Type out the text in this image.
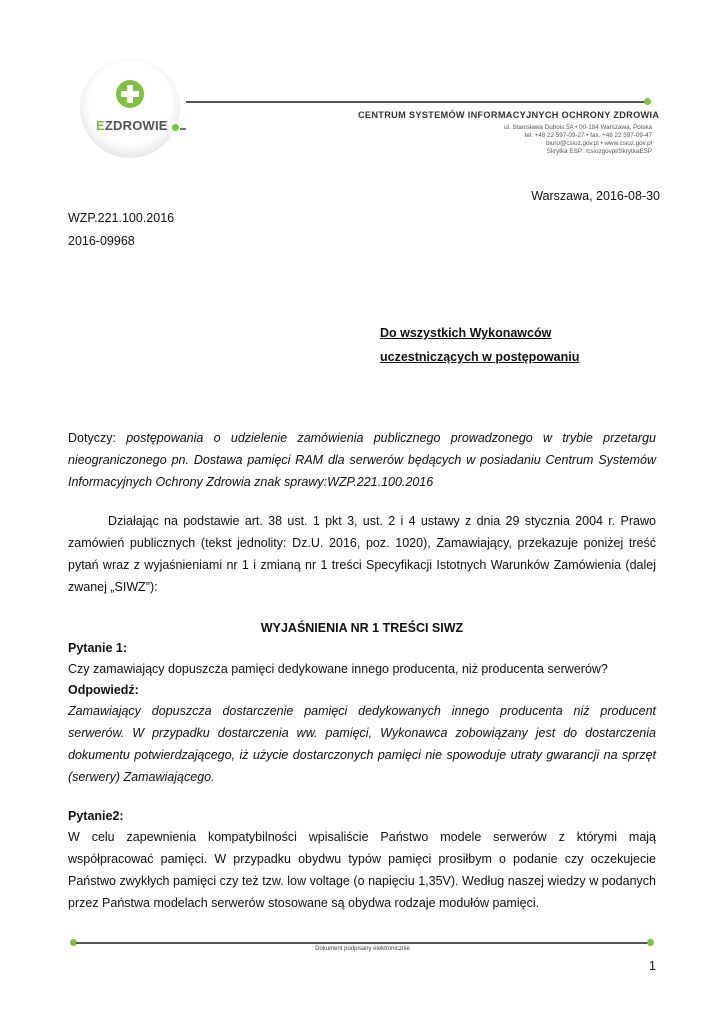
EZDROWIE
CENTRUM SYSTEMÓW INFORMACYJNYCH OCHRONY ZDROWIA
ul. Stanisława Dubois 5A • 00-184 Warszawa, Polska
tel. +48 22 597-09-27 • fax. +48 22 597-09-47
biuro@csioz.gov.pl • www.csioz.gov.pl
Skrytka ESP: /csiozgovpl/SkrytkaESP
Warszawa, 2016-08-30
WZP.221.100.2016
2016-09968
Do wszystkich Wykonawców
uczestniczących w postępowaniu
Dotyczy: postępowania o udzielenie zamówienia publicznego prowadzonego w trybie przetargu nieograniczonego pn. Dostawa pamięci RAM dla serwerów będących w posiadaniu Centrum Systemów Informacyjnych Ochrony Zdrowia znak sprawy:WZP.221.100.2016
Działając na podstawie art. 38 ust. 1 pkt 3, ust. 2 i 4 ustawy z dnia 29 stycznia 2004 r. Prawo zamówień publicznych (tekst jednolity: Dz.U. 2016, poz. 1020), Zamawiający, przekazuje poniżej treść pytań wraz z wyjaśnieniami nr 1 i zmianą nr 1 treści Specyfikacji Istotnych Warunków Zamówienia (dalej zwanej „SIWZ”):
WYJAŚNIENIA NR 1 TREŚCI SIWZ
Pytanie 1:
Czy zamawiający dopuszcza pamięci dedykowane innego producenta, niż producenta serwerów?
Odpowiedź:
Zamawiający dopuszcza dostarczenie pamięci dedykowanych innego producenta niż producent serwerów. W przypadku dostarczenia ww. pamięci, Wykonawca zobowiązany jest do dostarczenia dokumentu potwierdzającego, iż użycie dostarczonych pamięci nie spowoduje utraty gwarancji na sprzęt (serwery) Zamawiającego.
Pytanie2:
W celu zapewnienia kompatybilności wpisaliście Państwo modele serwerów z którymi mają współpracować pamięci. W przypadku obydwu typów pamięci prosiłbym o podanie czy oczekujecie Państwo zwykłych pamięci czy też tzw. low voltage (o napięciu 1,35V). Według naszej wiedzy w podanych przez Państwa modelach serwerów stosowane są obydwa rodzaje modułów pamięci.
Dokument podpisany elektronicznie
1
